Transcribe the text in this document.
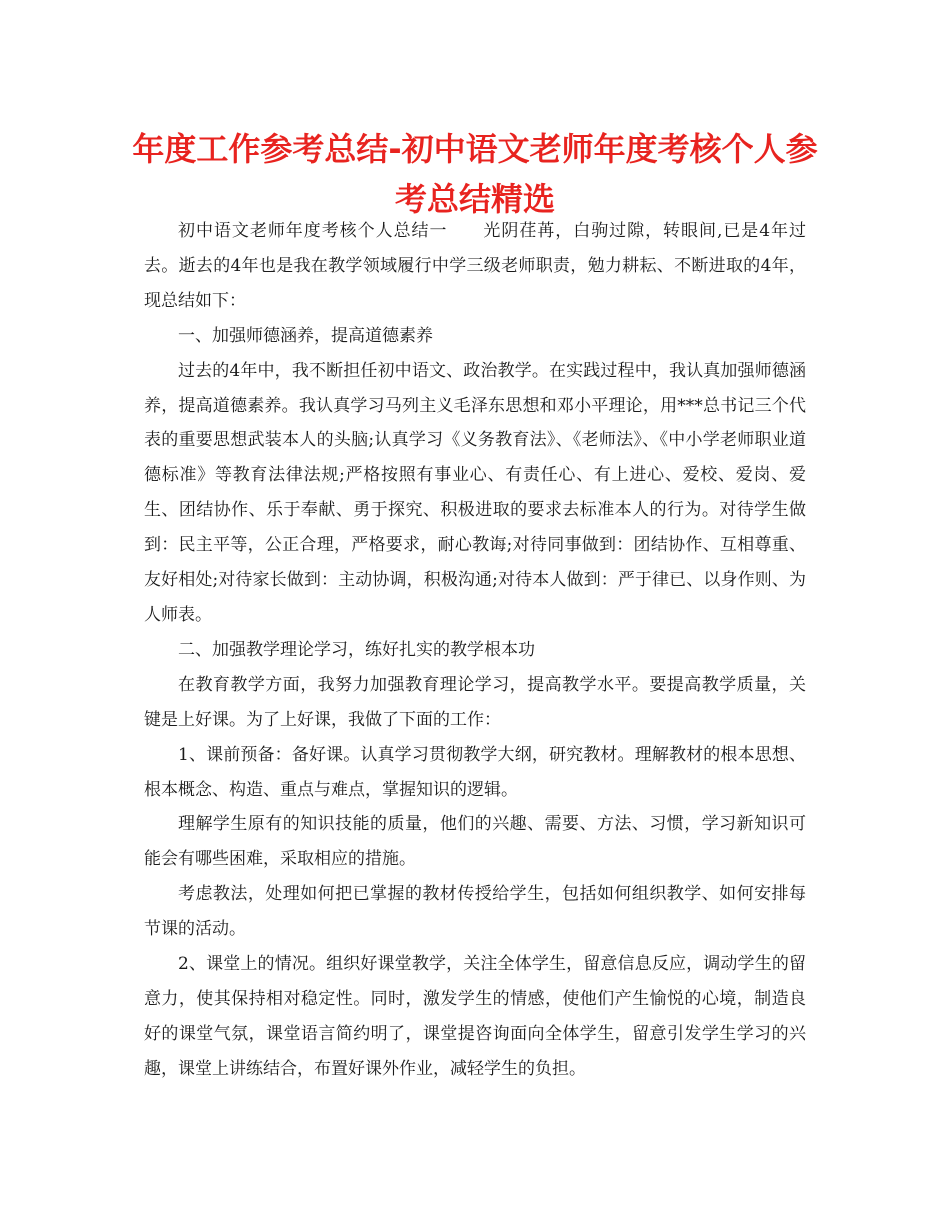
年度工作参考总结-初中语文老师年度考核个人参考总结精选

初中语文老师年度考核个人总结一　　光阴荏苒，白驹过隙，转眼间,已是4年过去。逝去的4年也是我在教学领域履行中学三级老师职责，勉力耕耘、不断进取的4年，现总结如下：

一、加强师德涵养，提高道德素养

过去的4年中，我不断担任初中语文、政治教学。在实践过程中，我认真加强师德涵养，提高道德素养。我认真学习马列主义毛泽东思想和邓小平理论，用***总书记三个代表的重要思想武装本人的头脑;认真学习《义务教育法》、《老师法》、《中小学老师职业道德标准》等教育法律法规;严格按照有事业心、有责任心、有上进心、爱校、爱岗、爱生、团结协作、乐于奉献、勇于探究、积极进取的要求去标准本人的行为。对待学生做到：民主平等，公正合理，严格要求，耐心教诲;对待同事做到：团结协作、互相尊重、友好相处;对待家长做到：主动协调，积极沟通;对待本人做到：严于律已、以身作则、为人师表。

二、加强教学理论学习，练好扎实的教学根本功

在教育教学方面，我努力加强教育理论学习，提高教学水平。要提高教学质量，关键是上好课。为了上好课，我做了下面的工作：

1、课前预备：备好课。认真学习贯彻教学大纲，研究教材。理解教材的根本思想、根本概念、构造、重点与难点，掌握知识的逻辑。

理解学生原有的知识技能的质量，他们的兴趣、需要、方法、习惯，学习新知识可能会有哪些困难，采取相应的措施。

考虑教法，处理如何把已掌握的教材传授给学生，包括如何组织教学、如何安排每节课的活动。

2、课堂上的情况。组织好课堂教学，关注全体学生，留意信息反应，调动学生的留意力，使其保持相对稳定性。同时，激发学生的情感，使他们产生愉悦的心境，制造良好的课堂气氛，课堂语言简约明了，课堂提咨询面向全体学生，留意引发学生学习的兴趣，课堂上讲练结合，布置好课外作业，减轻学生的负担。
